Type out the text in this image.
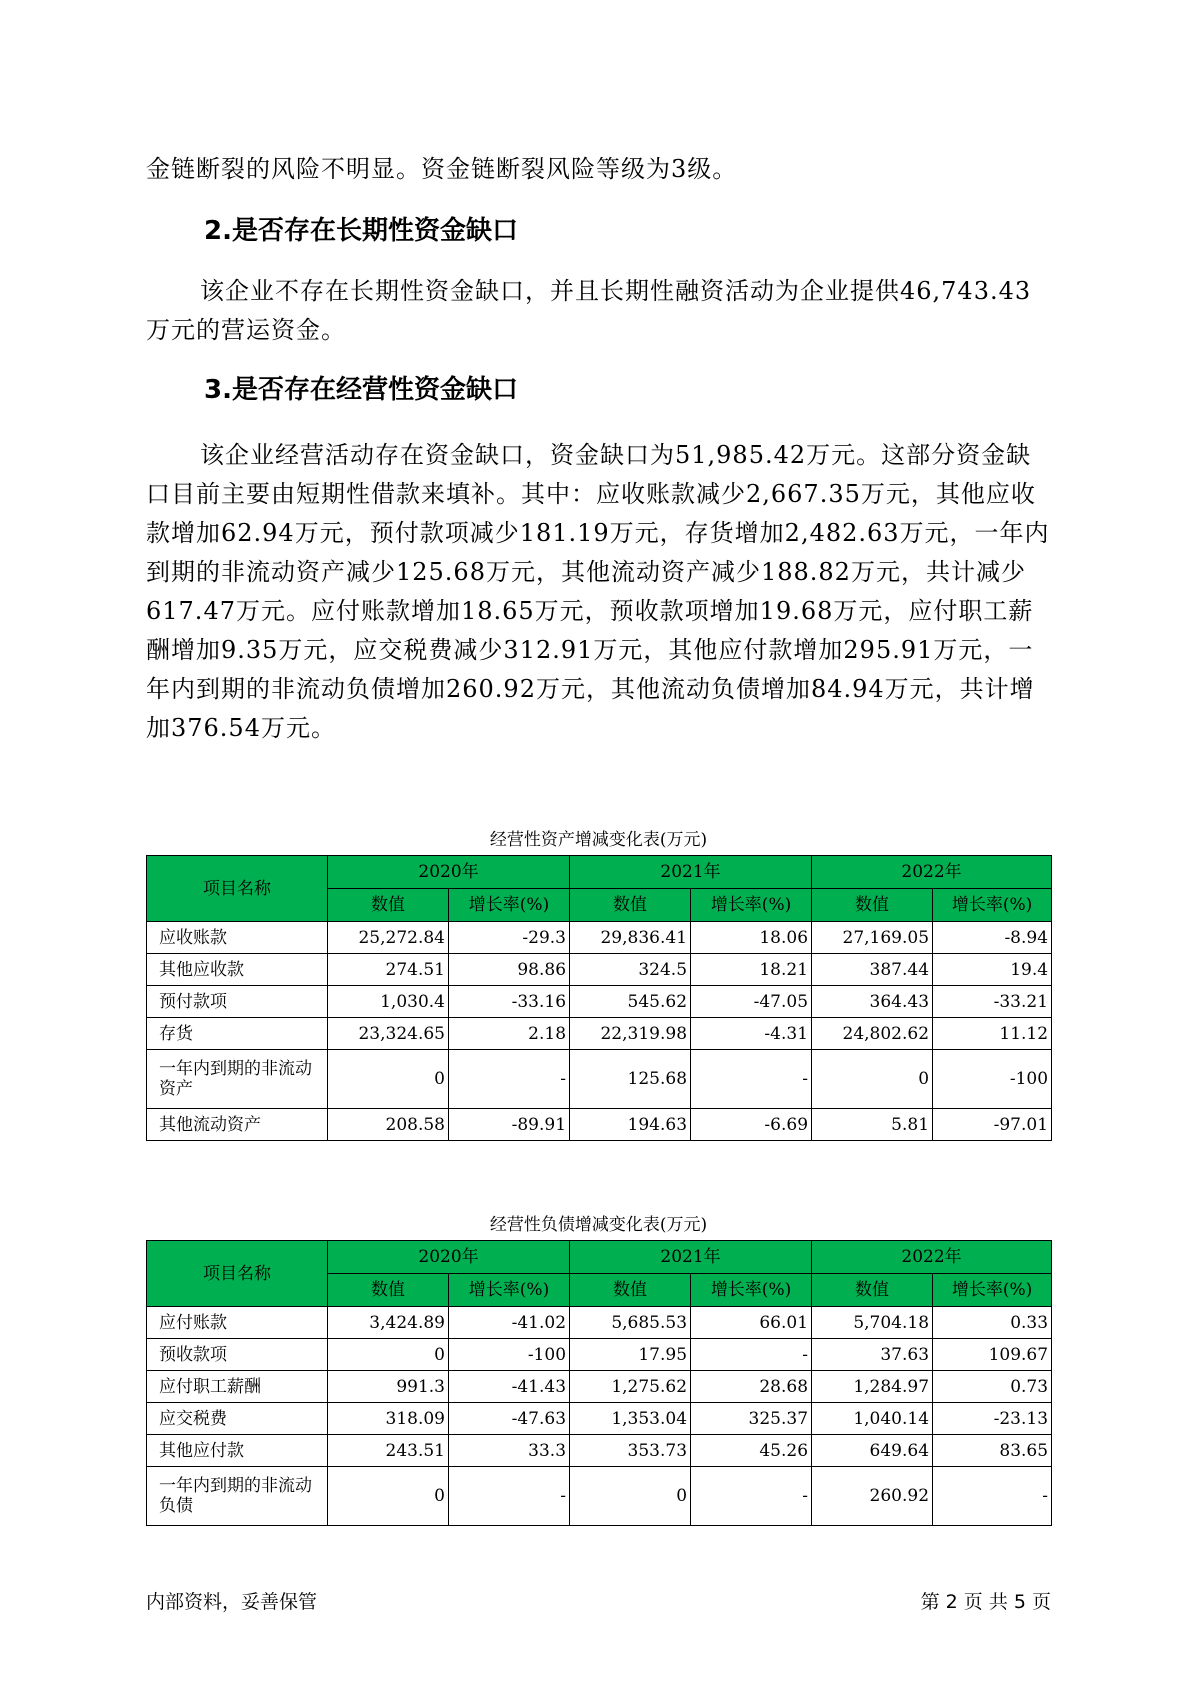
金链断裂的风险不明显。资金链断裂风险等级为3级。

2.是否存在长期性资金缺口

该企业不存在长期性资金缺口，并且长期性融资活动为企业提供46,743.43万元的营运资金。

3.是否存在经营性资金缺口

该企业经营活动存在资金缺口，资金缺口为51,985.42万元。这部分资金缺口目前主要由短期性借款来填补。其中：应收账款减少2,667.35万元，其他应收款增加62.94万元，预付款项减少181.19万元，存货增加2,482.63万元，一年内到期的非流动资产减少125.68万元，其他流动资产减少188.82万元，共计减少617.47万元。应付账款增加18.65万元，预收款项增加19.68万元，应付职工薪酬增加9.35万元，应交税费减少312.91万元，其他应付款增加295.91万元，一年内到期的非流动负债增加260.92万元，其他流动负债增加84.94万元，共计增加376.54万元。

经营性资产增减变化表(万元)
项目名称	2020年		2021年		2022年	
	数值	增长率(%)	数值	增长率(%)	数值	增长率(%)
应收账款	25,272.84	-29.3	29,836.41	18.06	27,169.05	-8.94
其他应收款	274.51	98.86	324.5	18.21	387.44	19.4
预付款项	1,030.4	-33.16	545.62	-47.05	364.43	-33.21
存货	23,324.65	2.18	22,319.98	-4.31	24,802.62	11.12
一年内到期的非流动资产	0	-	125.68	-	0	-100
其他流动资产	208.58	-89.91	194.63	-6.69	5.81	-97.01
经营性负债增减变化表(万元)
项目名称	2020年		2021年		2022年	
	数值	增长率(%)	数值	增长率(%)	数值	增长率(%)
应付账款	3,424.89	-41.02	5,685.53	66.01	5,704.18	0.33
预收款项	0	-100	17.95	-	37.63	109.67
应付职工薪酬	991.3	-41.43	1,275.62	28.68	1,284.97	0.73
应交税费	318.09	-47.63	1,353.04	325.37	1,040.14	-23.13
其他应付款	243.51	33.3	353.73	45.26	649.64	83.65
一年内到期的非流动负债	0	-	0	-	260.92	-
内部资料，妥善保管	第 2 页 共 5 页
